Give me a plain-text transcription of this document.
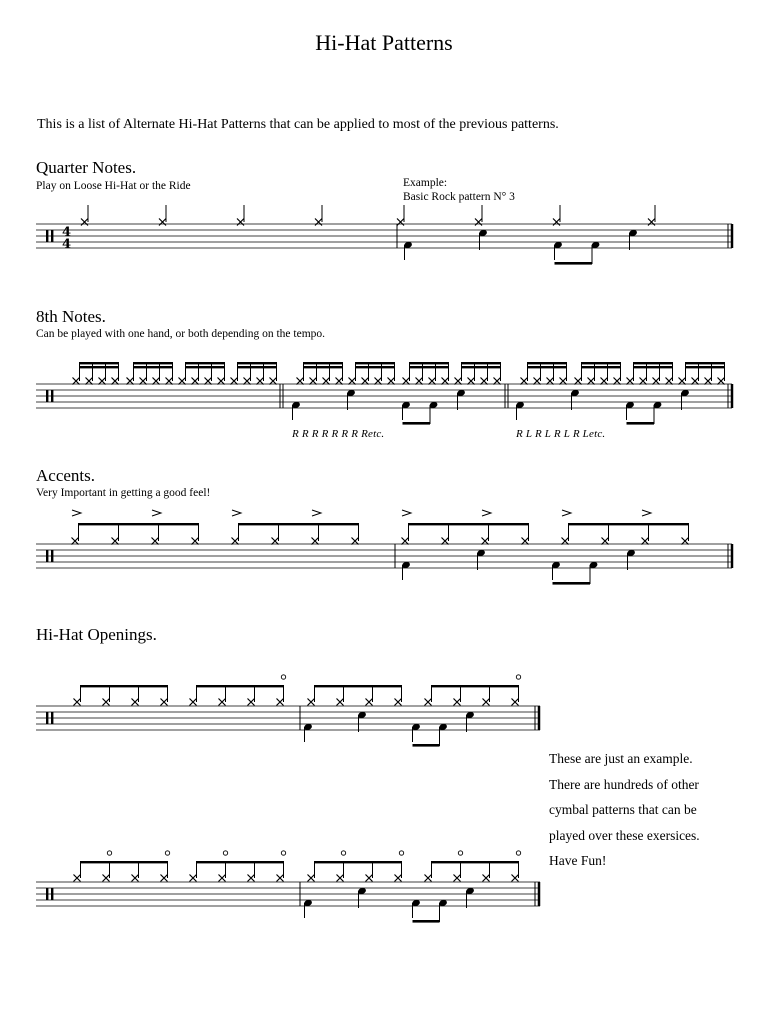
Hi-Hat Patterns
This is a list of Alternate Hi-Hat Patterns that can be applied to most of the previous patterns.
Quarter Notes.
Play on Loose Hi-Hat or the Ride	Example:
Basic Rock pattern N° 3
8th Notes.
Can be played with one hand, or both depending on the tempo.
R R R R R R R Retc.	R L R L R L R Letc.
Accents.
Very Important in getting a good feel!
Hi-Hat Openings.
These are just an example.
There are hundreds of other
cymbal patterns that can be
played over these exersices.
Have Fun!
4
4
